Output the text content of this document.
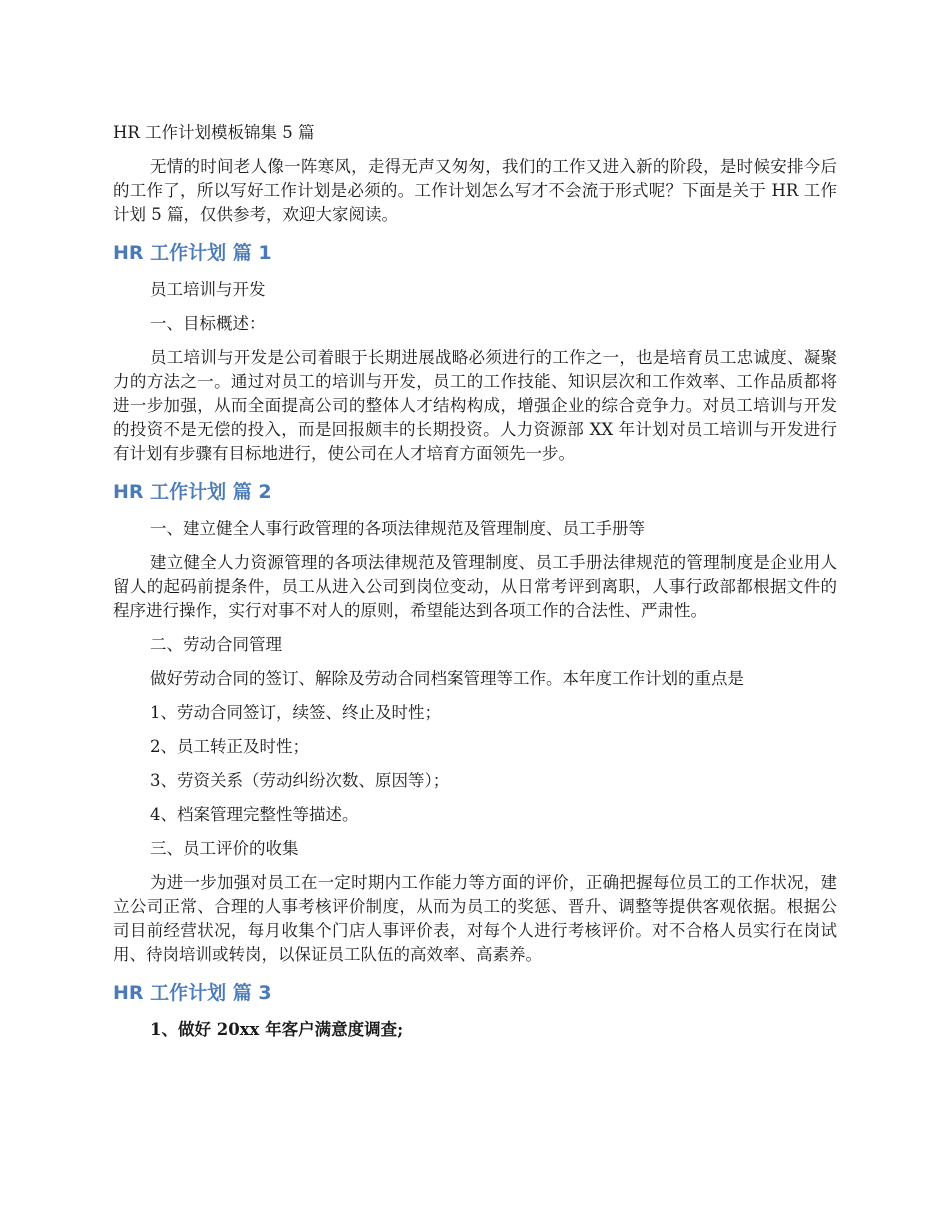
HR 工作计划模板锦集 5 篇

无情的时间老人像一阵寒风，走得无声又匆匆，我们的工作又进入新的阶段，是时候安排今后的工作了，所以写好工作计划是必须的。工作计划怎么写才不会流于形式呢？下面是关于 HR 工作计划 5 篇，仅供参考，欢迎大家阅读。

HR 工作计划 篇 1

员工培训与开发

一、目标概述：

员工培训与开发是公司着眼于长期进展战略必须进行的工作之一，也是培育员工忠诚度、凝聚力的方法之一。通过对员工的培训与开发，员工的工作技能、知识层次和工作效率、工作品质都将进一步加强，从而全面提高公司的整体人才结构构成，增强企业的综合竞争力。对员工培训与开发的投资不是无偿的投入，而是回报颇丰的长期投资。人力资源部 XX 年计划对员工培训与开发进行有计划有步骤有目标地进行，使公司在人才培育方面领先一步。

HR 工作计划 篇 2

一、建立健全人事行政管理的各项法律规范及管理制度、员工手册等

建立健全人力资源管理的各项法律规范及管理制度、员工手册法律规范的管理制度是企业用人留人的起码前提条件，员工从进入公司到岗位变动，从日常考评到离职，人事行政部都根据文件的程序进行操作，实行对事不对人的原则，希望能达到各项工作的合法性、严肃性。

二、劳动合同管理

做好劳动合同的签订、解除及劳动合同档案管理等工作。本年度工作计划的重点是

1、劳动合同签订，续签、终止及时性；

2、员工转正及时性；

3、劳资关系（劳动纠纷次数、原因等）；

4、档案管理完整性等描述。

三、员工评价的收集

为进一步加强对员工在一定时期内工作能力等方面的评价，正确把握每位员工的工作状况，建立公司正常、合理的人事考核评价制度，从而为员工的奖惩、晋升、调整等提供客观依据。根据公司目前经营状况，每月收集个门店人事评价表，对每个人进行考核评价。对不合格人员实行在岗试用、待岗培训或转岗，以保证员工队伍的高效率、高素养。

HR 工作计划 篇 3

1、做好 20xx 年客户满意度调查;
